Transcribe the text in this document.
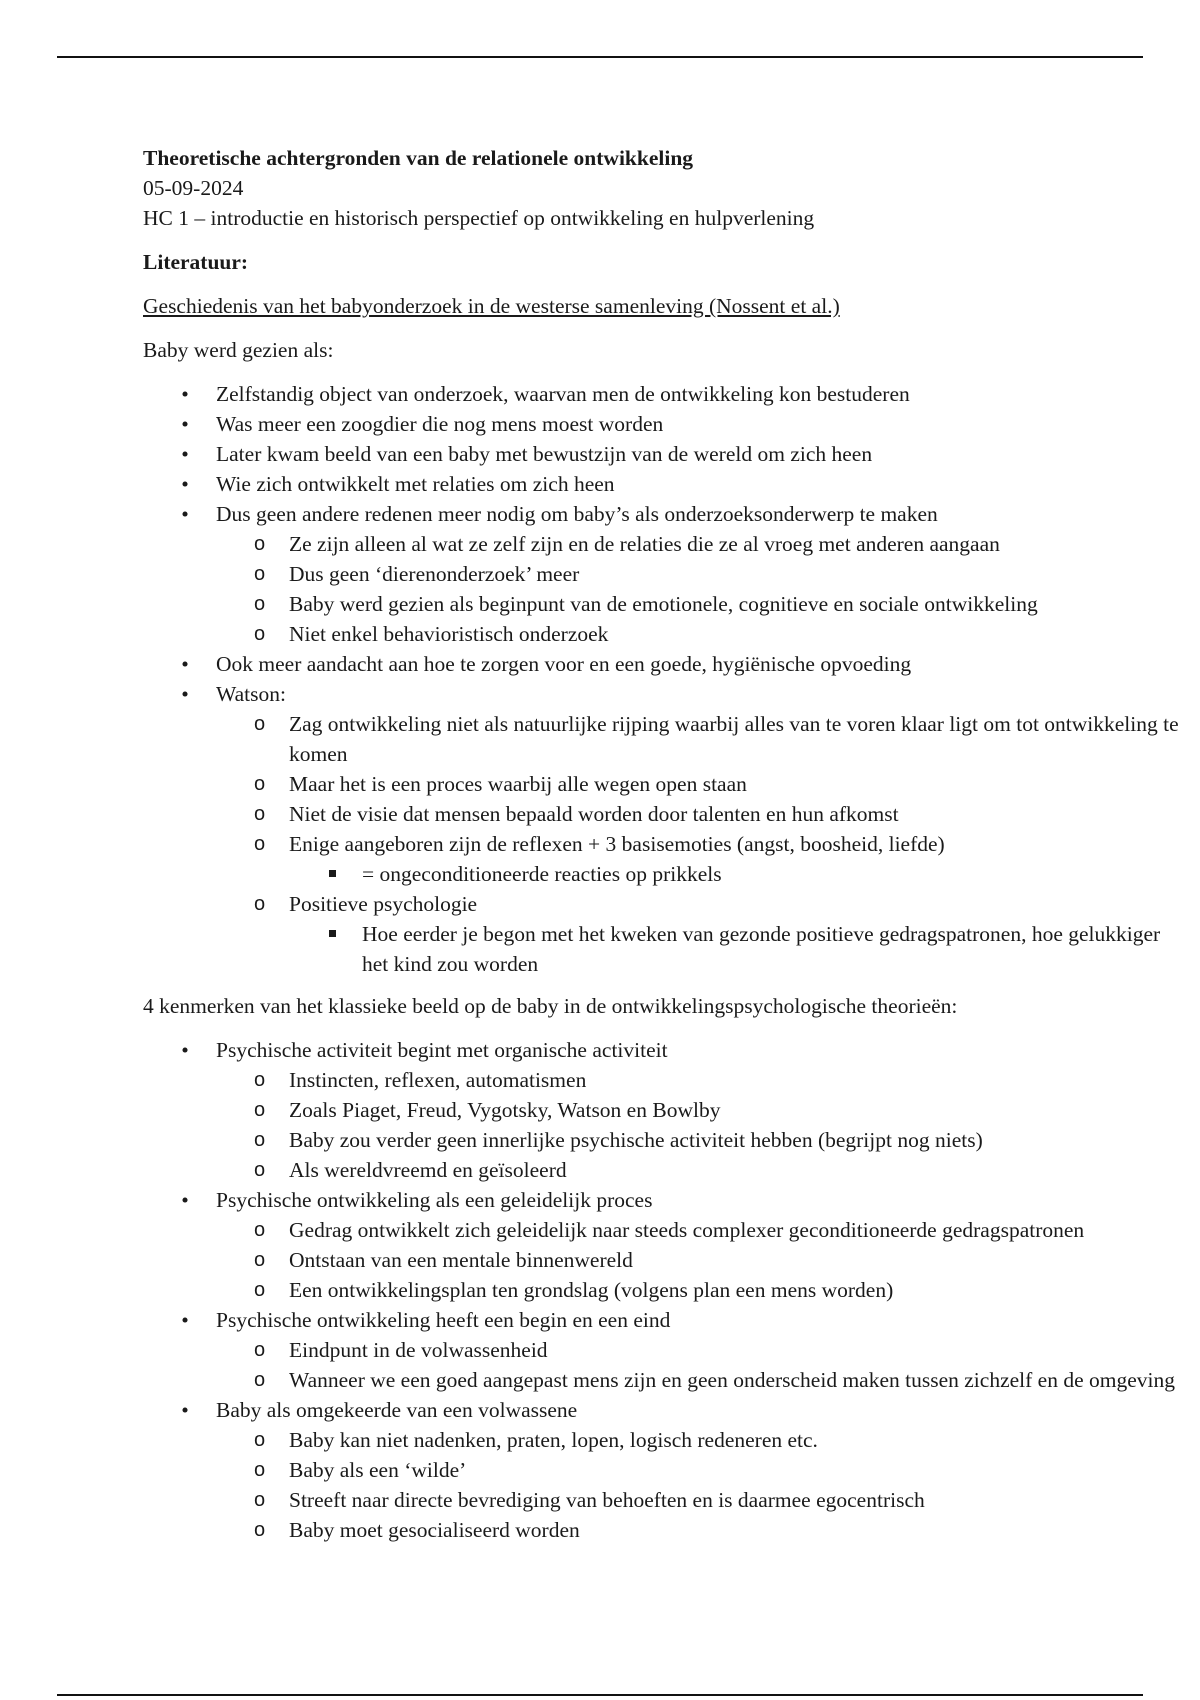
Theoretische achtergronden van de relationele ontwikkeling

05-09-2024

HC 1 – introductie en historisch perspectief op ontwikkeling en hulpverlening

Literatuur:

Geschiedenis van het babyonderzoek in de westerse samenleving (Nossent et al.)

Baby werd gezien als:

• Zelfstandig object van onderzoek, waarvan men de ontwikkeling kon bestuderen
• Was meer een zoogdier die nog mens moest worden
• Later kwam beeld van een baby met bewustzijn van de wereld om zich heen
• Wie zich ontwikkelt met relaties om zich heen
• Dus geen andere redenen meer nodig om baby’s als onderzoeksonderwerp te maken
o Ze zijn alleen al wat ze zelf zijn en de relaties die ze al vroeg met anderen aangaan
o Dus geen ‘dierenonderzoek’ meer
o Baby werd gezien als beginpunt van de emotionele, cognitieve en sociale ontwikkeling
o Niet enkel behavioristisch onderzoek
• Ook meer aandacht aan hoe te zorgen voor en een goede, hygiënische opvoeding
• Watson:
o Zag ontwikkeling niet als natuurlijke rijping waarbij alles van te voren klaar ligt om tot ontwikkeling te komen
o Maar het is een proces waarbij alle wegen open staan
o Niet de visie dat mensen bepaald worden door talenten en hun afkomst
o Enige aangeboren zijn de reflexen + 3 basisemoties (angst, boosheid, liefde)
= ongeconditioneerde reacties op prikkels
o Positieve psychologie
Hoe eerder je begon met het kweken van gezonde positieve gedragspatronen, hoe gelukkiger het kind zou worden

4 kenmerken van het klassieke beeld op de baby in de ontwikkelingspsychologische theorieën:

• Psychische activiteit begint met organische activiteit
o Instincten, reflexen, automatismen
o Zoals Piaget, Freud, Vygotsky, Watson en Bowlby
o Baby zou verder geen innerlijke psychische activiteit hebben (begrijpt nog niets)
o Als wereldvreemd en geïsoleerd
• Psychische ontwikkeling als een geleidelijk proces
o Gedrag ontwikkelt zich geleidelijk naar steeds complexer geconditioneerde gedragspatronen
o Ontstaan van een mentale binnenwereld
o Een ontwikkelingsplan ten grondslag (volgens plan een mens worden)
• Psychische ontwikkeling heeft een begin en een eind
o Eindpunt in de volwassenheid
o Wanneer we een goed aangepast mens zijn en geen onderscheid maken tussen zichzelf en de omgeving
• Baby als omgekeerde van een volwassene
o Baby kan niet nadenken, praten, lopen, logisch redeneren etc.
o Baby als een ‘wilde’
o Streeft naar directe bevrediging van behoeften en is daarmee egocentrisch
o Baby moet gesocialiseerd worden
